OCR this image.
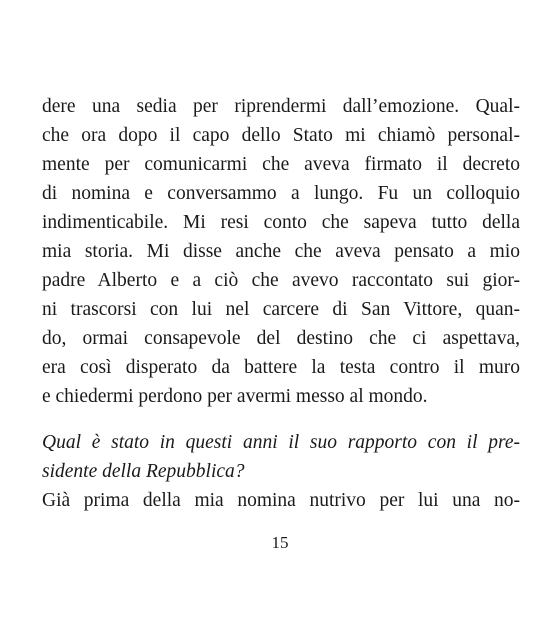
dere una sedia per riprendermi dall’emozione. Qual-
che ora dopo il capo dello Stato mi chiamò personal-
mente per comunicarmi che aveva firmato il decreto
di nomina e conversammo a lungo. Fu un colloquio
indimenticabile. Mi resi conto che sapeva tutto della
mia storia. Mi disse anche che aveva pensato a mio
padre Alberto e a ciò che avevo raccontato sui gior-
ni trascorsi con lui nel carcere di San Vittore, quan-
do, ormai consapevole del destino che ci aspettava,
era così disperato da battere la testa contro il muro
e chiedermi perdono per avermi messo al mondo.
Qual è stato in questi anni il suo rapporto con il pre-
sidente della Repubblica?
Già prima della mia nomina nutrivo per lui una no-
15
